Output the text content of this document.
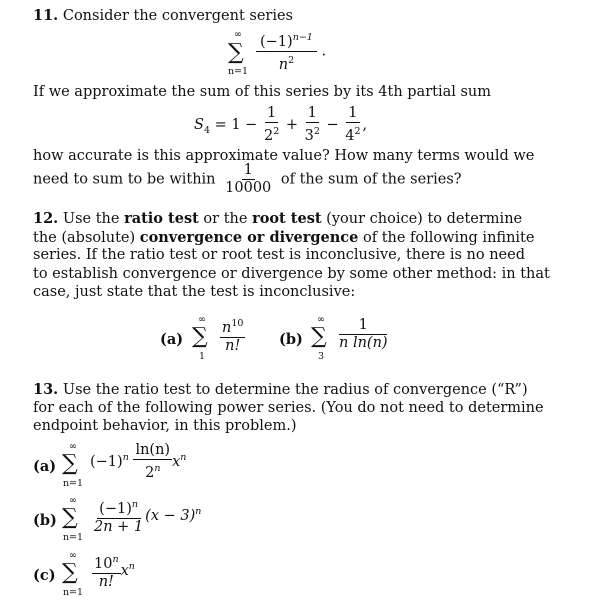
11. Consider the convergent series
∞
∑
$n=1 \frac{(-1)^{n-1}}{n^2}$ .
If we approximate the sum of this series by its 4th partial sum
$S_4 = 1 - \frac{1}{2^2} + \frac{1}{3^2} - \frac{1}{4^2}$ ,
how accurate is this approximate value? How many terms would we
need to sum to be within $\frac{1}{10000}$ of the sum of the series?
12. Use the ratio test or the root test (your choice) to determine
the (absolute) convergence or divergence of the following infinite
series. If the ratio test or root test is inconclusive, there is no need
to establish convergence or divergence by some other method: in that
case, just state that the test is inconclusive:
(a)
∞
∑
1
$\frac{n^{10}}{n!} (b)$
∞
∑
3
$\frac{1}{\text{n ln(n)}}$
13. Use the ratio test to determine the radius of convergence (“R”)
for each of the following power series. (You do not need to determine
endpoint behavior, in this problem.)
(a)
∞
∑
n=1
$(-1)^n \frac{\ln(n)}{2^n} x^n$
(b)
∞
∑
n=1
$\frac{(-1)^n}{2n + 1} (x - 3)^n$
(c)
∞
∑
n=1
$\frac{10^n}{n!} x^n$
